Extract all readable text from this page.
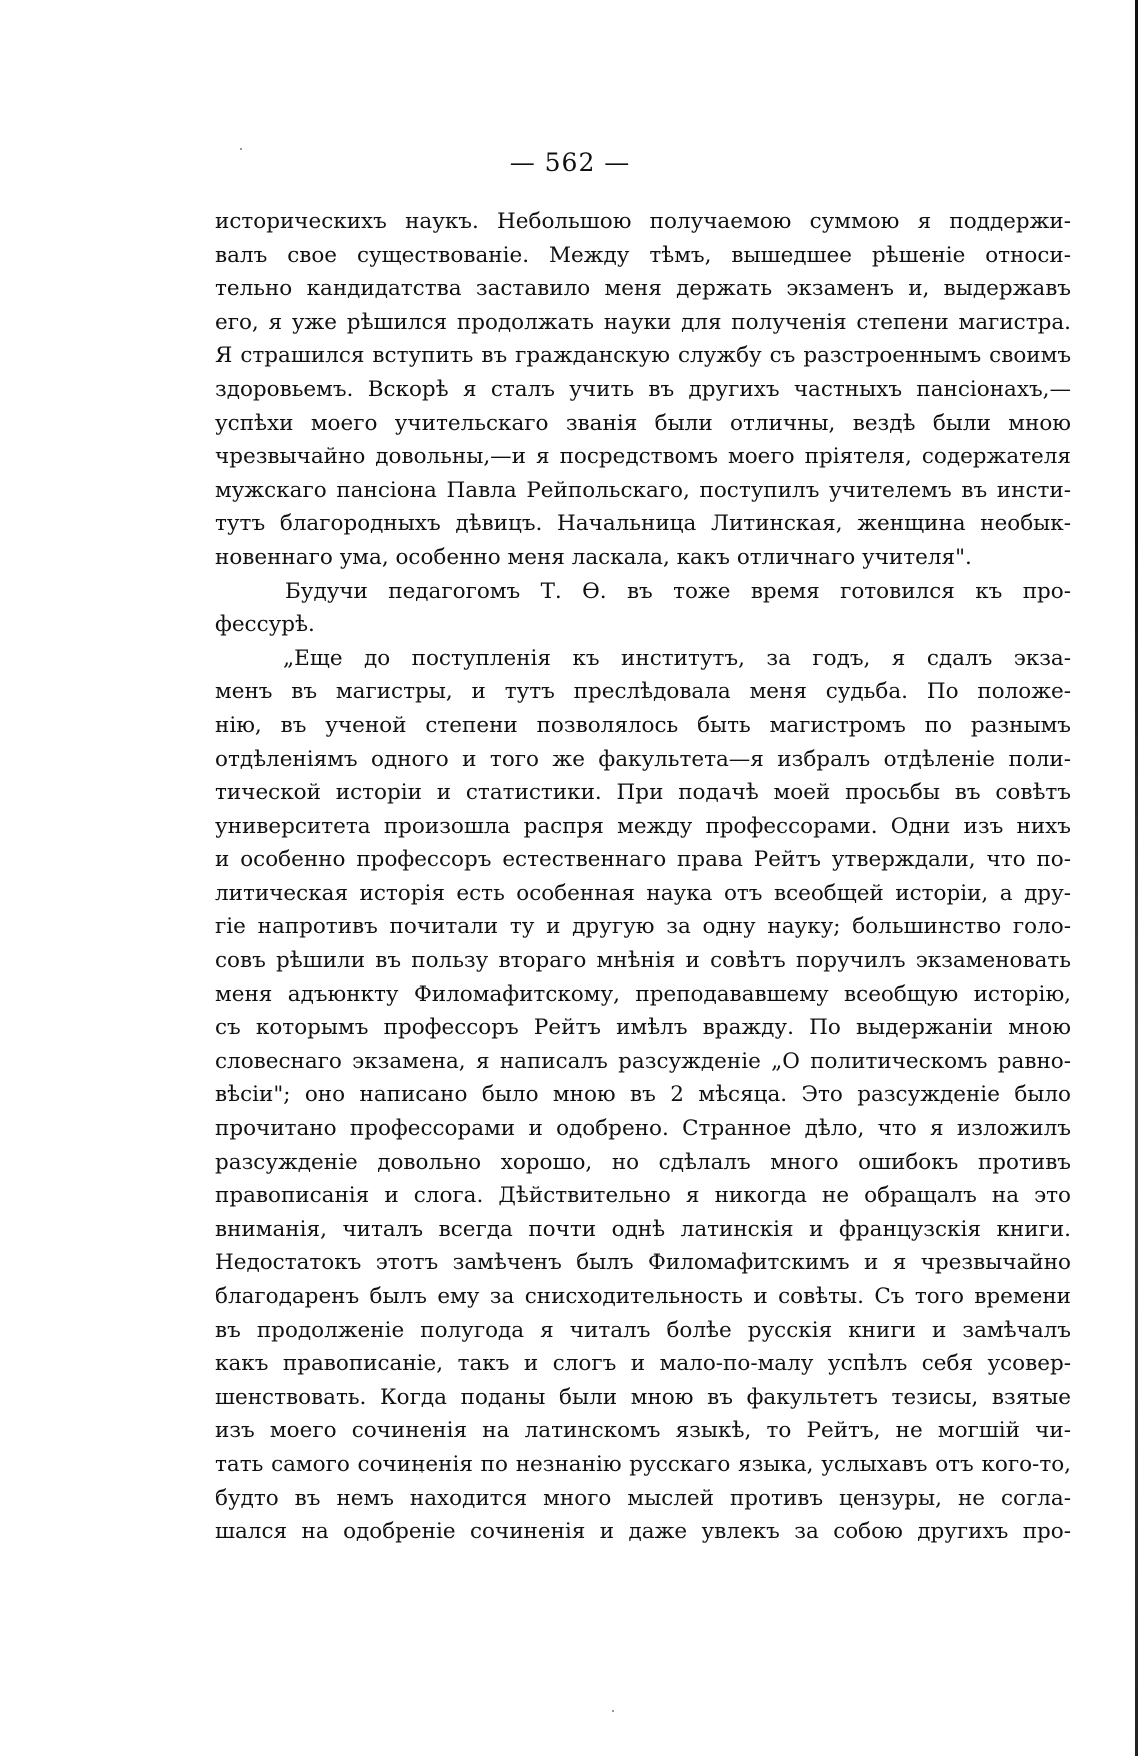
— 562 —
историческихъ наукъ. Небольшою получаемою суммою я поддержи-
валъ свое существованіе. Между тѣмъ, вышедшее рѣшеніе относи-
тельно кандидатства заставило меня держать экзаменъ и, выдержавъ
его, я уже рѣшился продолжать науки для полученія степени магистра.
Я страшился вступить въ гражданскую службу съ разстроеннымъ своимъ
здоровьемъ. Вскорѣ я сталъ учить въ другихъ частныхъ пансіонахъ,—
успѣхи моего учительскаго званія были отличны, вездѣ были мною
чрезвычайно довольны,—и я посредствомъ моего пріятеля, содержателя
мужскаго пансіона Павла Рейпольскаго, поступилъ учителемъ въ инсти-
тутъ благородныхъ дѣвицъ. Начальница Литинская, женщина необык-
новеннаго ума, особенно меня ласкала, какъ отличнаго учителя".
Будучи педагогомъ Т. Ѳ. въ тоже время готовился къ про-
фессурѣ.
„Еще до поступленія къ институтъ, за годъ, я сдалъ экза-
менъ въ магистры, и тутъ преслѣдовала меня судьба. По положе-
нію, въ ученой степени позволялось быть магистромъ по разнымъ
отдѣленіямъ одного и того же факультета—я избралъ отдѣленіе поли-
тической исторіи и статистики. При подачѣ моей просьбы въ совѣтъ
университета произошла распря между профессорами. Одни изъ нихъ
и особенно профессоръ естественнаго права Рейтъ утверждали, что по-
литическая исторія есть особенная наука отъ всеобщей исторіи, а дру-
гіе напротивъ почитали ту и другую за одну науку; большинство голо-
совъ рѣшили въ пользу втораго мнѣнія и совѣтъ поручилъ экзаменовать
меня адъюнкту Филомафитскому, преподававшему всеобщую исторію,
съ которымъ профессоръ Рейтъ имѣлъ вражду. По выдержаніи мною
словеснаго экзамена, я написалъ разсужденіе „О политическомъ равно-
вѣсіи"; оно написано было мною въ 2 мѣсяца. Это разсужденіе было
прочитано профессорами и одобрено. Странное дѣло, что я изложилъ
разсужденіе довольно хорошо, но сдѣлалъ много ошибокъ противъ
правописанія и слога. Дѣйствительно я никогда не обращалъ на это
вниманія, читалъ всегда почти однѣ латинскія и французскія книги.
Недостатокъ этотъ замѣченъ былъ Филомафитскимъ и я чрезвычайно
благодаренъ былъ ему за снисходительность и совѣты. Съ того времени
въ продолженіе полугода я читалъ болѣе русскія книги и замѣчалъ
какъ правописаніе, такъ и слогъ и мало-по-малу успѣлъ себя усовер-
шенствовать. Когда поданы были мною въ факультетъ тезисы, взятые
изъ моего сочиненія на латинскомъ языкѣ, то Рейтъ, не могшій чи-
тать самого сочиненія по незнанію русскаго языка, услыхавъ отъ кого-то,
будто въ немъ находится много мыслей противъ цензуры, не согла-
шался на одобреніе сочиненія и даже увлекъ за собою другихъ про-
